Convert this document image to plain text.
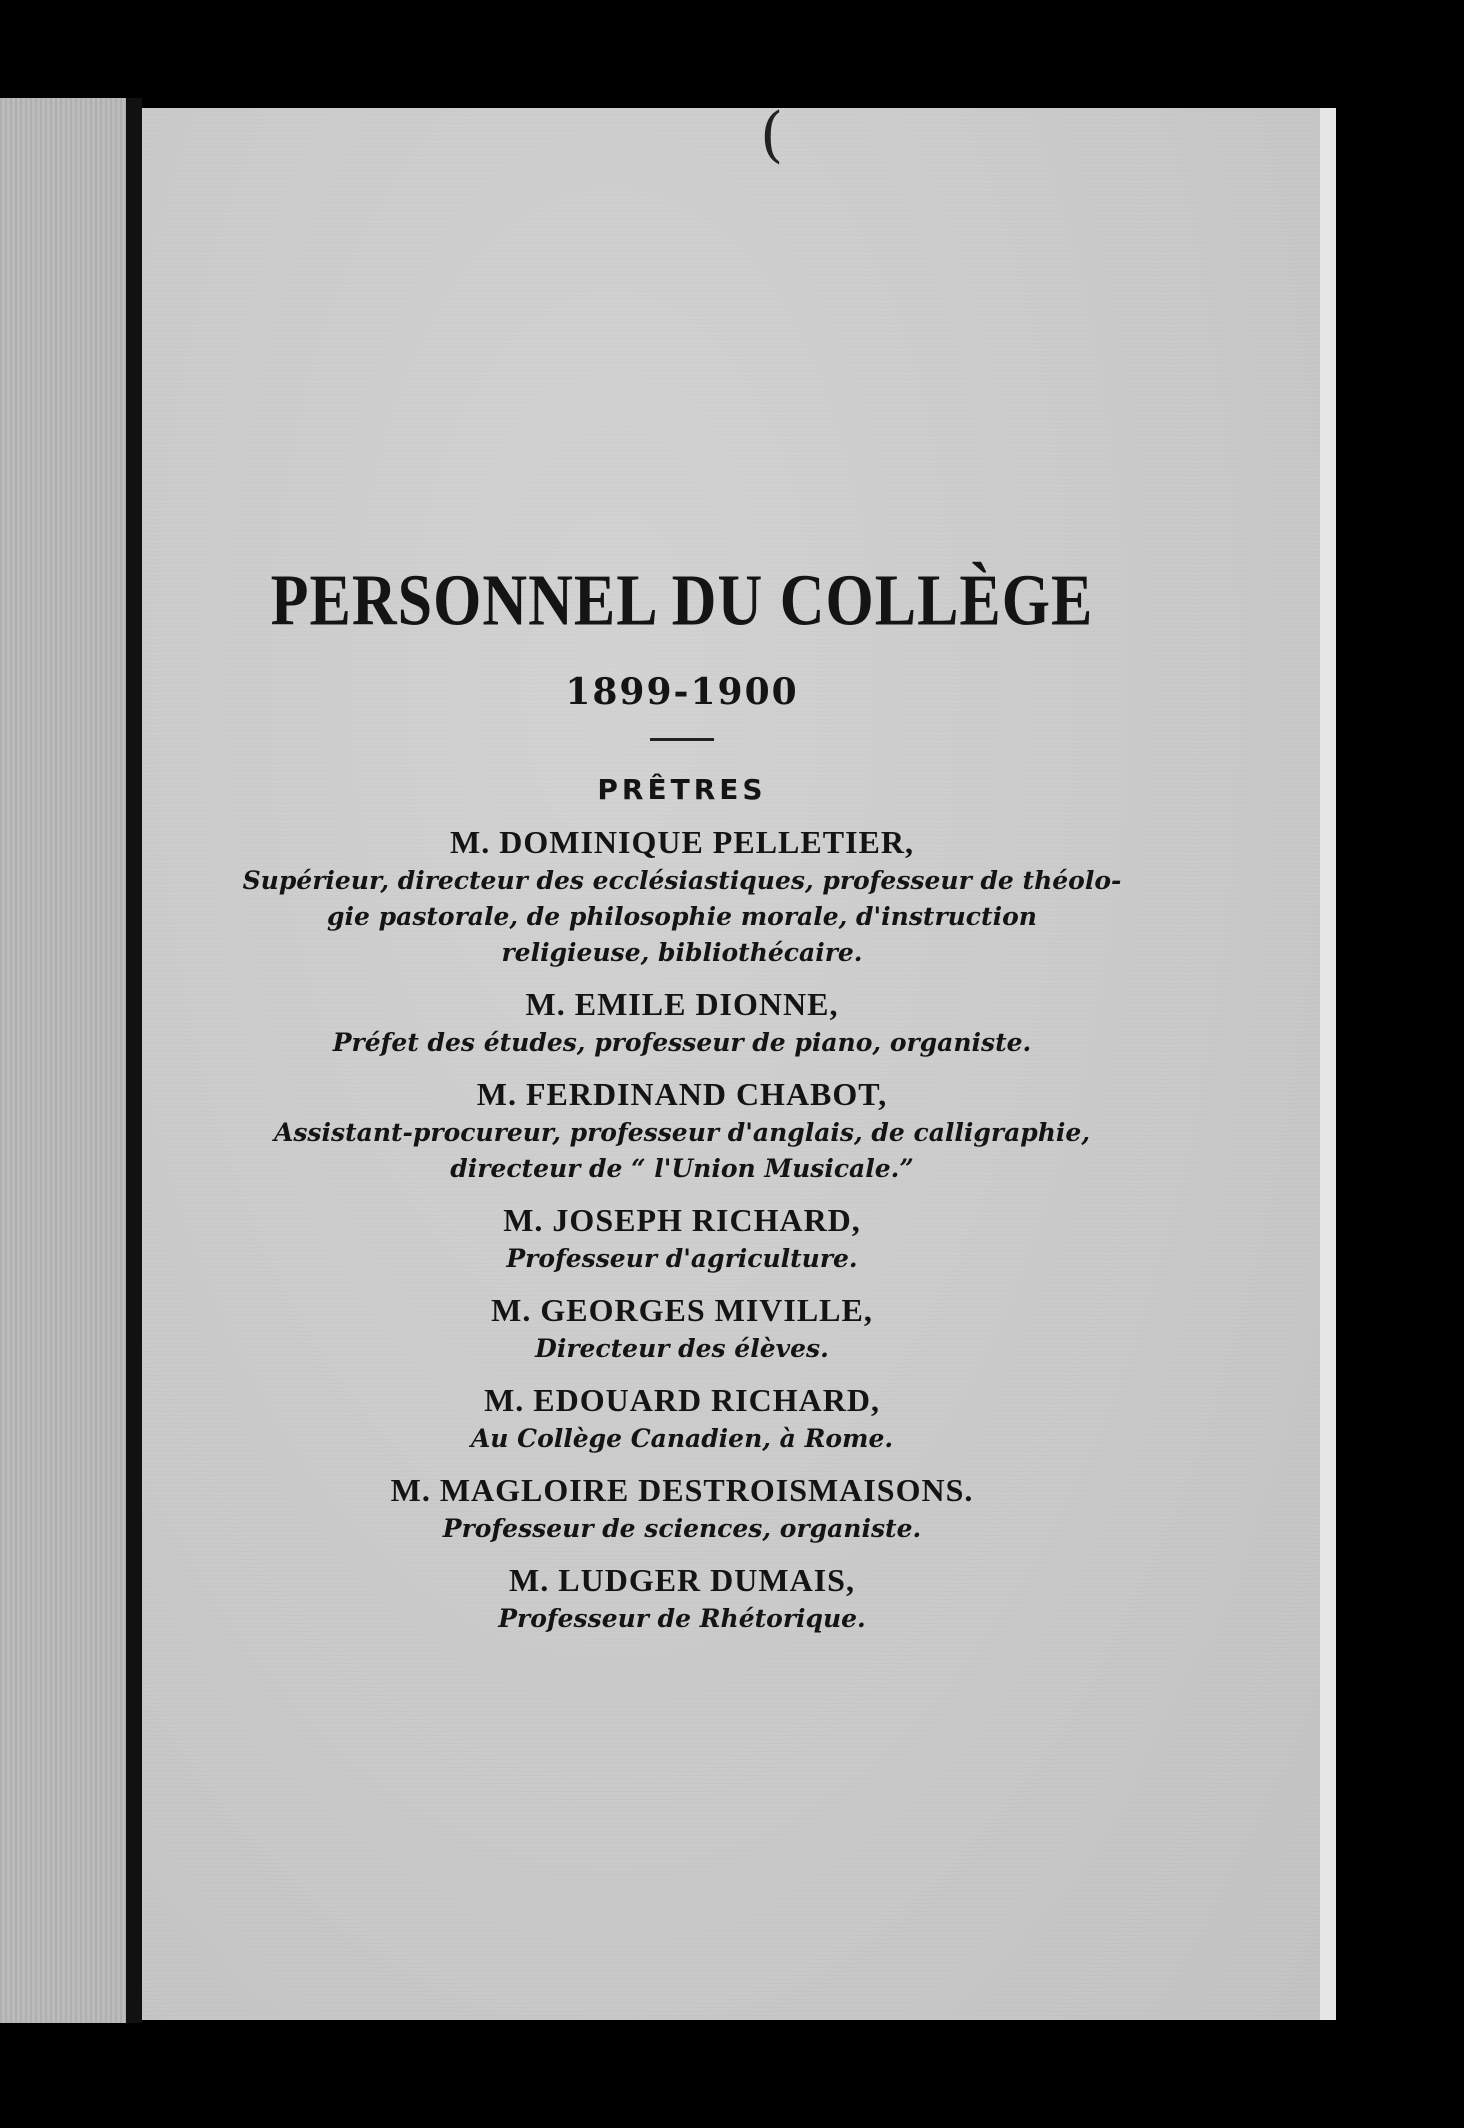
(
PERSONNEL DU COLLÈGE
1899-1900
PRÊTRES
M. DOMINIQUE PELLETIER,
Supérieur, directeur des ecclésiastiques, professeur de théolo-
gie pastorale, de philosophie morale, d'instruction
religieuse, bibliothécaire.
M. EMILE DIONNE,
Préfet des études, professeur de piano, organiste.
M. FERDINAND CHABOT,
Assistant-procureur, professeur d'anglais, de calligraphie,
directeur de “ l'Union Musicale.”
M. JOSEPH RICHARD,
Professeur d'agriculture.
M. GEORGES MIVILLE,
Directeur des élèves.
M. EDOUARD RICHARD,
Au Collège Canadien, à Rome.
M. MAGLOIRE DESTROISMAISONS.
Professeur de sciences, organiste.
M. LUDGER DUMAIS,
Professeur de Rhétorique.
